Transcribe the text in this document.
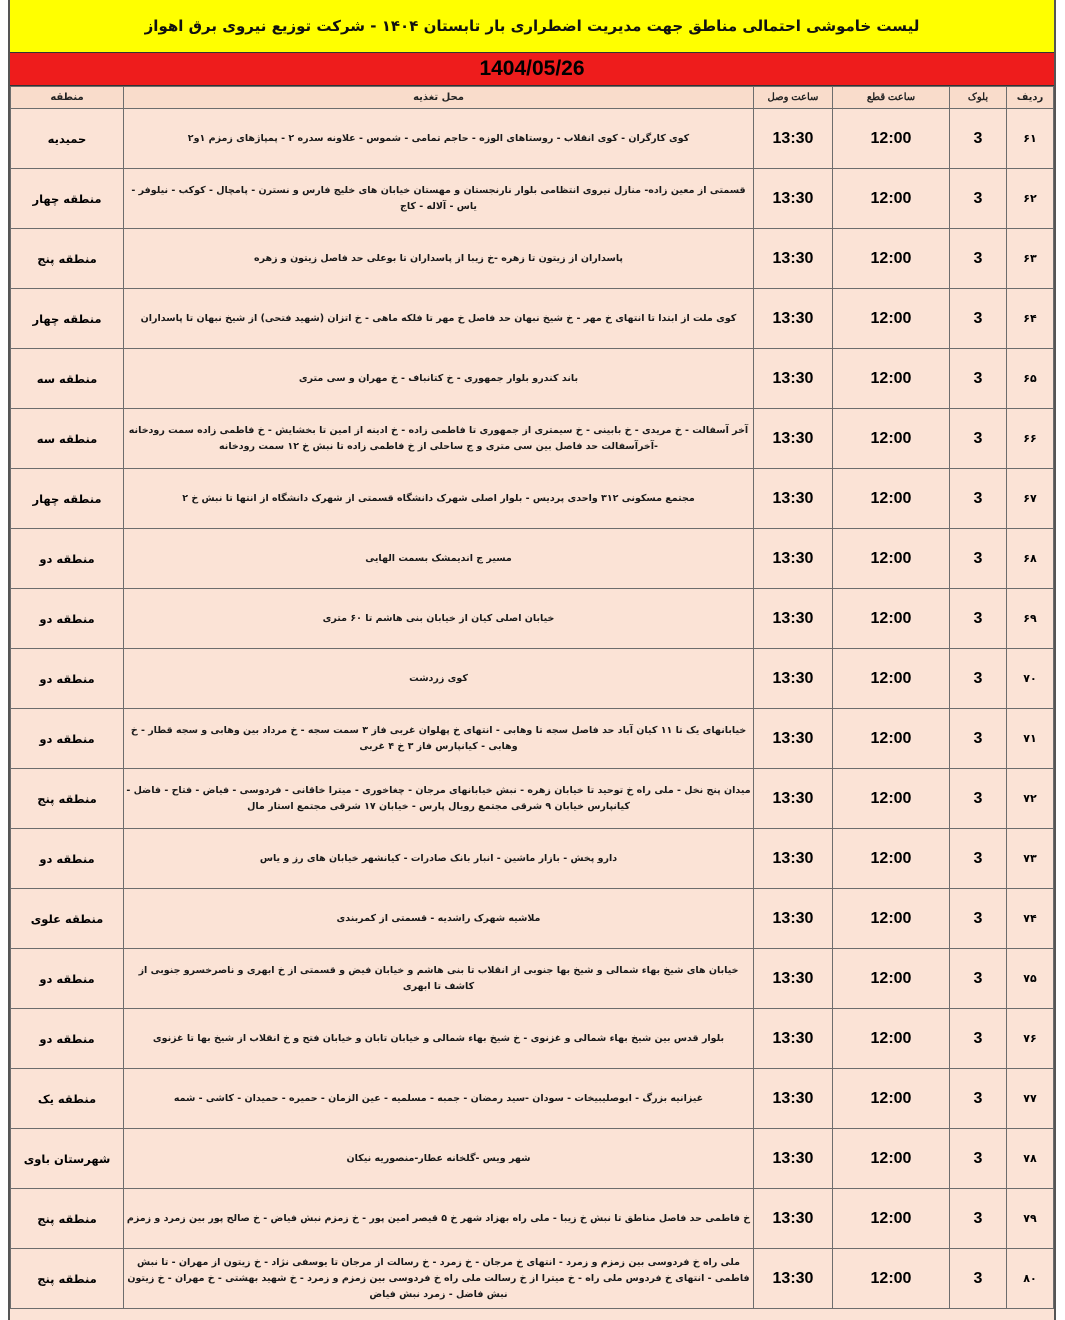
لیست خاموشی احتمالی مناطق جهت مدیریت اضطراری بار تابستان ۱۴۰۴ - شرکت توزیع نیروی برق اهواز
1404/05/26
ردیف	بلوک	ساعت قطع	ساعت وصل	محل تغذیه	منطقه
۶۱	3	12:00	13:30	کوی کارگران - کوی انقلاب - روستاهای الوزه - حاجم تمامی - شموس - علاونه سدره ۲ - پمپاژهای زمزم ۱و۲	حمیدیه
۶۲	3	12:00	13:30	قسمتی از معین زاده- منازل نیروی انتظامی بلوار نارنجستان و مهستان خیابان های خلیج فارس و نسترن - پامچال - کوکب - نیلوفر - یاس - آلاله - کاج	منطقه چهار
۶۳	3	12:00	13:30	پاسداران از زیتون تا زهره -خ زیبا از پاسداران تا بوعلی حد فاصل زیتون و زهره	منطقه پنج
۶۴	3	12:00	13:30	کوی ملت از ابتدا تا انتهای خ مهر - خ شیخ نبهان حد فاصل خ مهر تا فلکه ماهی - خ اتزان (شهید فتحی) از شیخ نبهان تا پاسداران	منطقه چهار
۶۵	3	12:00	13:30	باند کندرو بلوار جمهوری - خ کتانباف - خ مهران و سی متری	منطقه سه
۶۶	3	12:00	13:30	آخر آسفالت - خ مریدی - خ بابینی - خ سیمتری از جمهوری تا فاطمی زاده - خ ادینه از امین تا بخشایش - خ فاطمی زاده سمت رودخانه -آخرآسفالت حد فاصل بین سی متری و ج ساحلی از خ فاطمی زاده تا نبش خ ۱۲ سمت رودخانه	منطقه سه
۶۷	3	12:00	13:30	مجتمع مسکونی ۳۱۲ واحدی پردیس - بلوار اصلی شهرک دانشگاه قسمتی از شهرک دانشگاه از انتها تا نبش خ ۲	منطقه چهار
۶۸	3	12:00	13:30	مسیر ج اندیمشک بسمت الهایی	منطقه دو
۶۹	3	12:00	13:30	خیابان اصلی کیان از خیابان بنی هاشم تا ۶۰ متری	منطقه دو
۷۰	3	12:00	13:30	کوی زردشت	منطقه دو
۷۱	3	12:00	13:30	خیابانهای یک تا ۱۱ کیان آباد حد فاصل سجه تا وهابی - انتهای خ پهلوان غربی فاز ۳ سمت سجه - خ مرداد بین وهابی و سجه قطار - خ وهابی - کیانپارس فاز ۳ خ ۴ غربی	منطقه دو
۷۲	3	12:00	13:30	میدان پنج نخل - ملی راه خ توحید تا خیابان زهره - نبش خیابانهای مرجان - چغاخوری - میترا خاقانی - فردوسی - فیاض - فتاح - فاضل - کیانپارس خیابان ۹ شرقی مجتمع رویال پارس - خیابان ۱۷ شرقی مجتمع استار مال	منطقه پنج
۷۳	3	12:00	13:30	دارو پخش - بازار ماشین - انبار بانک صادرات - کیانشهر خیابان های رز و یاس	منطقه دو
۷۴	3	12:00	13:30	ملاشیه شهرک راشدیه - قسمتی از کمربندی	منطقه علوی
۷۵	3	12:00	13:30	خیابان های شیخ بهاء شمالی و شیخ بها جنوبی از انقلاب تا بنی هاشم و خیابان فیض و قسمتی از خ ابهری و ناصرخسرو جنوبی از کاشف تا ابهری	منطقه دو
۷۶	3	12:00	13:30	بلوار قدس بین شیخ بهاء شمالی و غزنوی - خ شیخ بهاء شمالی و خیابان تابان و خیابان فتح و خ انقلاب از شیخ بها تا غزنوی	منطقه دو
۷۷	3	12:00	13:30	غیزانیه بزرگ - ابوصلیبیخات - سودان -سید رمضان - جمبه - مسلمیه - عین الزمان - حمیره - حمیدان - کاشی - شمه	منطقه یک
۷۸	3	12:00	13:30	شهر ویس -گلخانه عطار-منصوریه نیکان	شهرستان باوی
۷۹	3	12:00	13:30	خ فاطمی حد فاصل مناطق تا نبش خ زیبا - ملی راه بهزاد شهر خ ۵ قیصر امین پور - خ زمزم نبش فیاض - خ صالح پور بین زمرد و زمزم	منطقه پنج
۸۰	3	12:00	13:30	ملی راه خ فردوسی بین زمزم و زمرد - انتهای خ مرجان - خ زمرد - خ رسالت از مرجان تا یوسفی نژاد - خ زیتون از مهران - تا نبش فاطمی - انتهای خ فردوس ملی راه - خ میترا از خ رسالت ملی راه خ فردوسی بین زمزم و زمرد - خ شهید بهشتی - خ مهران - خ زیتون نبش فاضل - زمرد نبش فیاض	منطقه پنج
